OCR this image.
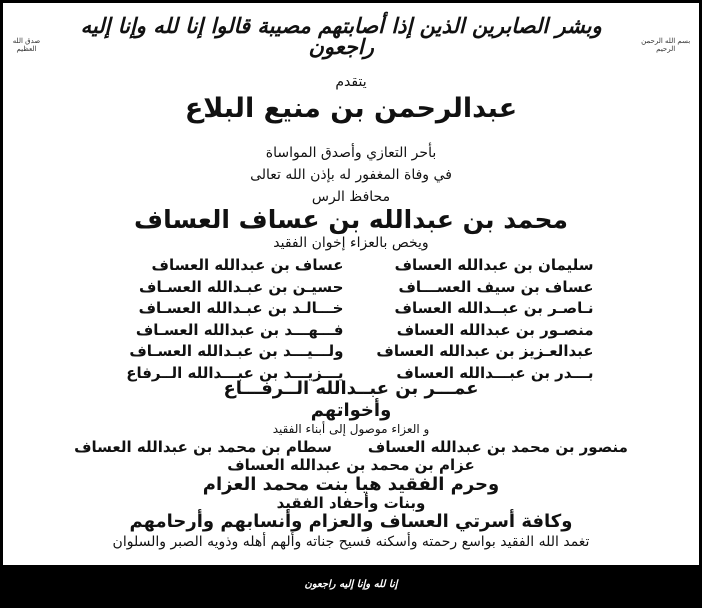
بسم الله الرحمن الرحيم
وبشر الصابرين الذين إذا أصابتهم مصيبة قالوا إنا لله وإنا إليه راجعون
صدق الله العظيم
يتقدم
عبدالرحمن بن منيع البلاع
بأحر التعازي وأصدق المواساة
في وفاة المغفور له بإذن الله تعالى
محافظ الرس
محمد بن عبدالله بن عساف العساف
ويخص بالعزاء إخوان الفقيد
سليمان بن عبدالله العساف
عساف بن سيف العســـاف
نـاصـر بن عبــدالله العساف
منصـور بن عبدالله العساف
عبدالعـزيز بن عبدالله العساف
بـــدر بن عبـــدالله العساف
عساف بن عبدالله العساف
حسيـن بن عبـدالله العسـاف
خـــالـد بن عبـدالله العسـاف
فـــهـــد بن عبدالله العسـاف
ولـــيـــد بن عبـدالله العسـاف
يـــزيـــد بن عبـــدالله الــرفاع
عمـــر بن عبــدالله الــرفـــاع
وأخواتهم
و العزاء موصول إلى أبناء الفقيد
منصور بن محمد بن عبدالله العساف
سطام بن محمد بن عبدالله العساف
عزام بن محمد بن عبدالله العساف
وحرم الفقيد هيا بنت محمد العزام
وبنات وأحفاد الفقيد
وكافة أسرتي العساف والعزام وأنسابهم وأرحامهم
تغمد الله الفقيد بواسع رحمته وأسكنه فسيح جناته وألهم أهله وذويه الصبر والسلوان
إنا لله وإنا إليه راجعون
